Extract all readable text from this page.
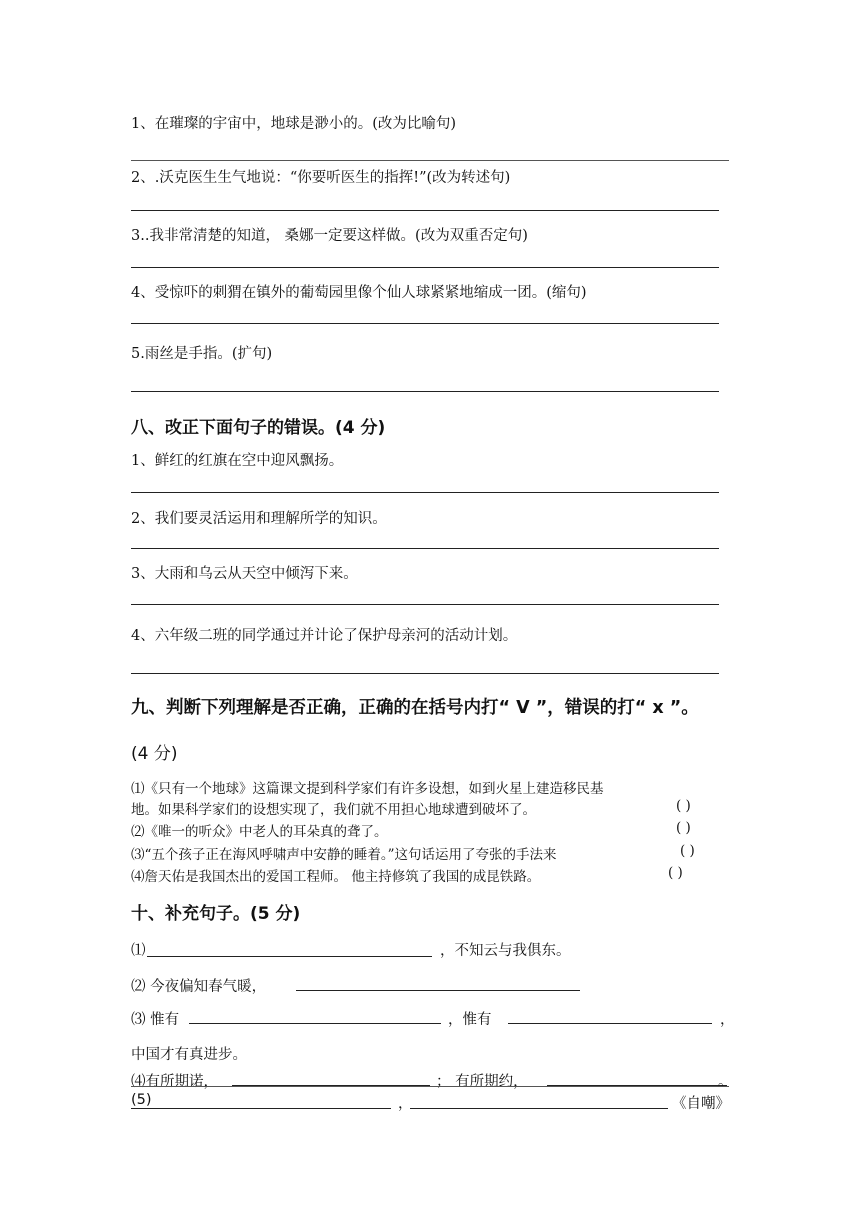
1、在璀璨的宇宙中，地球是渺小的。(改为比喻句)
2、.沃克医生生气地说：“你要听医生的指挥!”(改为转述句)
3..我非常清楚的知道， 桑娜一定要这样做。(改为双重否定句)
4、受惊吓的刺猬在镇外的葡萄园里像个仙人球紧紧地缩成一团。(缩句)
5.雨丝是手指。(扩句)
八、改正下面句子的错误。(4 分)
1、鲜红的红旗在空中迎风飘扬。
2、我们要灵活运用和理解所学的知识。
3、大雨和乌云从天空中倾泻下来。
4、六年级二班的同学通过并计论了保护母亲河的活动计划。
九、判断下列理解是否正确，正确的在括号内打“ V ”，错误的打“ x ”。
(4 分)
⑴《只有一个地球》这篇课文提到科学家们有许多设想，如到火星上建造移民基
地。如果科学家们的设想实现了，我们就不用担心地球遭到破坏了。	( )
⑵《唯一的听众》中老人的耳朵真的聋了。	( )
⑶“五个孩子正在海风呼啸声中安静的睡着。”这句话运用了夸张的手法来	( )
⑷詹天佑是我国杰出的爱国工程师。 他主持修筑了我国的成昆铁路。	( )
十、补充句子。(5 分)
⑴	，不知云与我俱东。
⑵ 今夜偏知春气暖，
⑶ 惟有	，惟有	，
中国才有真进步。
⑷有所期诺，	； 有所期约，	。
(5)	，	《自嘲》
